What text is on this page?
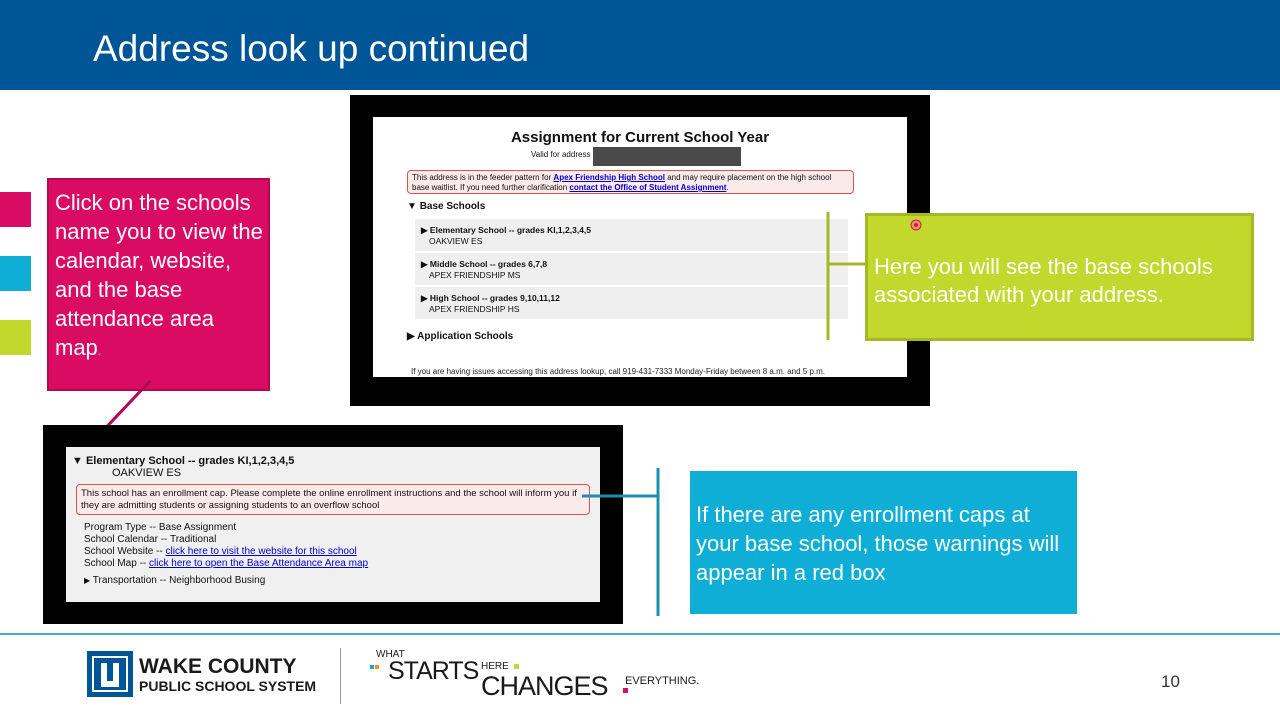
Address look up continued
Assignment for Current School Year
Valid for address
This address is in the feeder pattern for Apex Friendship High School and may require placement on the high school base waitlist. If you need further clarification contact the Office of Student Assignment.
▼ Base Schools
▶ Elementary School -- grades KI,1,2,3,4,5
OAKVIEW ES
▶ Middle School -- grades 6,7,8
APEX FRIENDSHIP MS
▶ High School -- grades 9,10,11,12
APEX FRIENDSHIP HS
▶ Application Schools
If you are having issues accessing this address lookup, call 919-431-7333 Monday-Friday between 8 a.m. and 5 p.m.
Here you will see the base schools associated with your address.
Click on the schools name you to view the calendar, website, and the base attendance area map.
▼ Elementary School -- grades KI,1,2,3,4,5
OAKVIEW ES
This school has an enrollment cap. Please complete the online enrollment instructions and the school will inform you if they are admitting students or assigning students to an overflow school
Program Type -- Base Assignment
School Calendar -- Traditional
School Website -- click here to visit the website for this school
School Map -- click here to open the Base Attendance Area map
▶ Transportation -- Neighborhood Busing
If there are any enrollment caps at your base school, those warnings will appear in a red box
WAKE COUNTY
PUBLIC SCHOOL SYSTEM
WHAT
STARTS HERE
CHANGES EVERYTHING.	10
